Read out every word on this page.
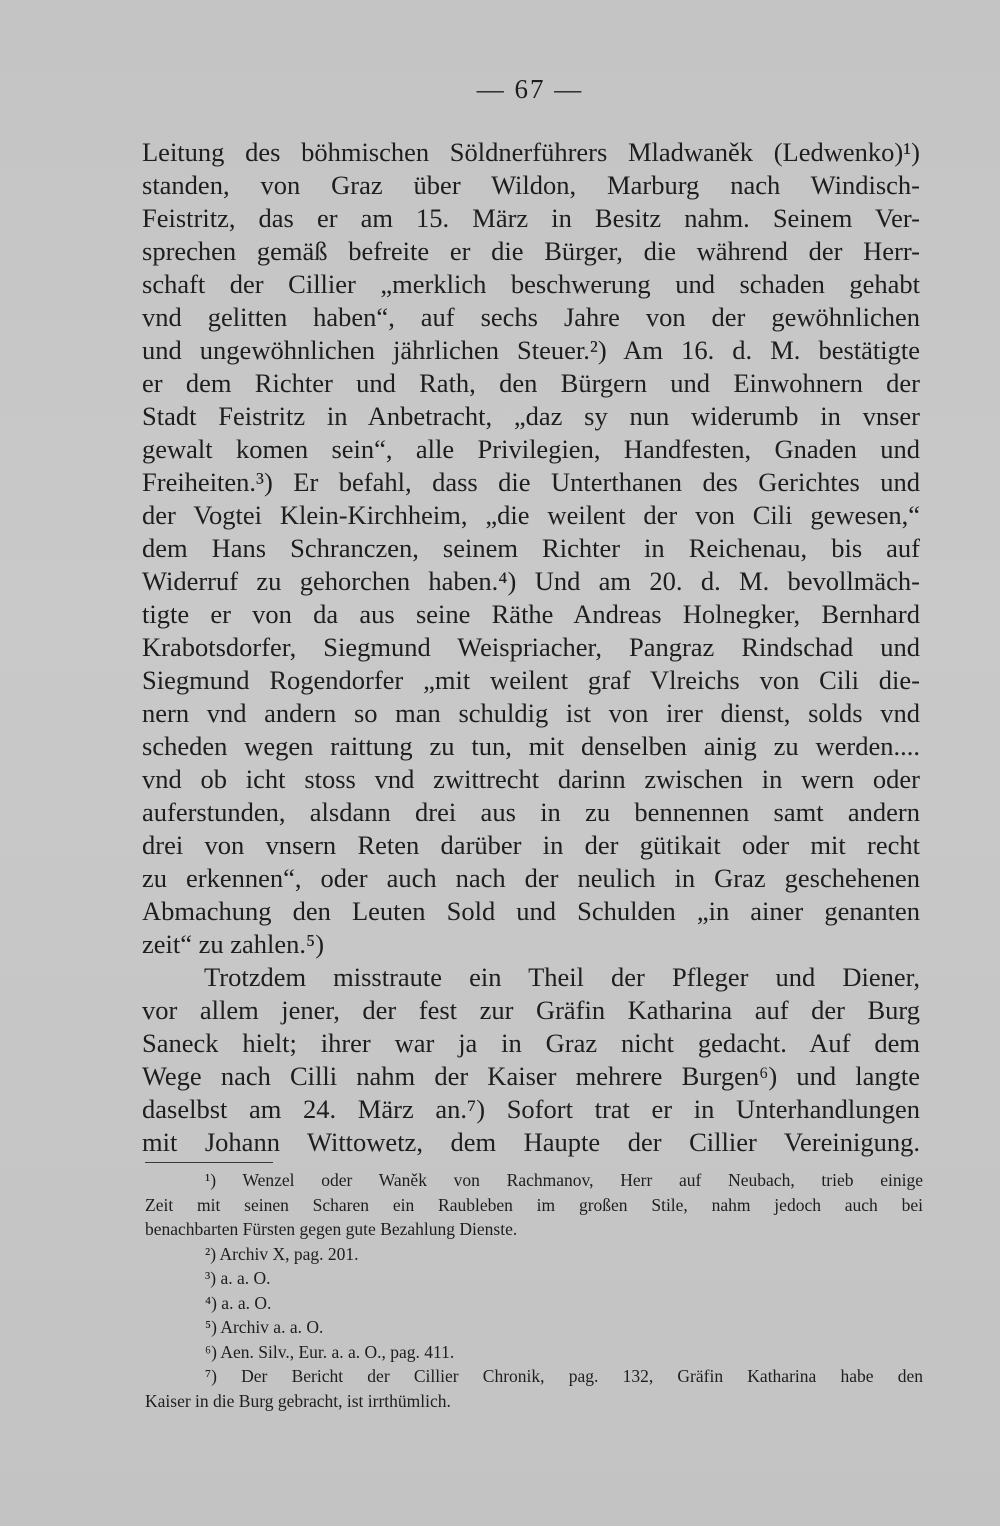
— 67 —
Leitung des böhmischen Söldnerführers Mladwaněk (Ledwenko)¹)
standen, von Graz über Wildon, Marburg nach Windisch-
Feistritz, das er am 15. März in Besitz nahm. Seinem Ver-
sprechen gemäß befreite er die Bürger, die während der Herr-
schaft der Cillier „merklich beschwerung und schaden gehabt
vnd gelitten haben“, auf sechs Jahre von der gewöhnlichen
und ungewöhnlichen jährlichen Steuer.²) Am 16. d. M. bestätigte
er dem Richter und Rath, den Bürgern und Einwohnern der
Stadt Feistritz in Anbetracht, „daz sy nun widerumb in vnser
gewalt komen sein“, alle Privilegien, Handfesten, Gnaden und
Freiheiten.³) Er befahl, dass die Unterthanen des Gerichtes und
der Vogtei Klein-Kirchheim, „die weilent der von Cili gewesen,“
dem Hans Schranczen, seinem Richter in Reichenau, bis auf
Widerruf zu gehorchen haben.⁴) Und am 20. d. M. bevollmäch-
tigte er von da aus seine Räthe Andreas Holnegker, Bernhard
Krabotsdorfer, Siegmund Weispriacher, Pangraz Rindschad und
Siegmund Rogendorfer „mit weilent graf Vlreichs von Cili die-
nern vnd andern so man schuldig ist von irer dienst, solds vnd
scheden wegen raittung zu tun, mit denselben ainig zu werden....
vnd ob icht stoss vnd zwittrecht darinn zwischen in wern oder
auferstunden, alsdann drei aus in zu bennennen samt andern
drei von vnsern Reten darüber in der gütikait oder mit recht
zu erkennen“, oder auch nach der neulich in Graz geschehenen
Abmachung den Leuten Sold und Schulden „in ainer genanten
zeit“ zu zahlen.⁵)
Trotzdem misstraute ein Theil der Pfleger und Diener,
vor allem jener, der fest zur Gräfin Katharina auf der Burg
Saneck hielt; ihrer war ja in Graz nicht gedacht. Auf dem
Wege nach Cilli nahm der Kaiser mehrere Burgen⁶) und langte
daselbst am 24. März an.⁷) Sofort trat er in Unterhandlungen
mit Johann Wittowetz, dem Haupte der Cillier Vereinigung.
¹) Wenzel oder Waněk von Rachmanov, Herr auf Neubach, trieb einige
Zeit mit seinen Scharen ein Raubleben im großen Stile, nahm jedoch auch bei
benachbarten Fürsten gegen gute Bezahlung Dienste.
²) Archiv X, pag. 201.
³) a. a. O.
⁴) a. a. O.
⁵) Archiv a. a. O.
⁶) Aen. Silv., Eur. a. a. O., pag. 411.
⁷) Der Bericht der Cillier Chronik, pag. 132, Gräfin Katharina habe den
Kaiser in die Burg gebracht, ist irrthümlich.
